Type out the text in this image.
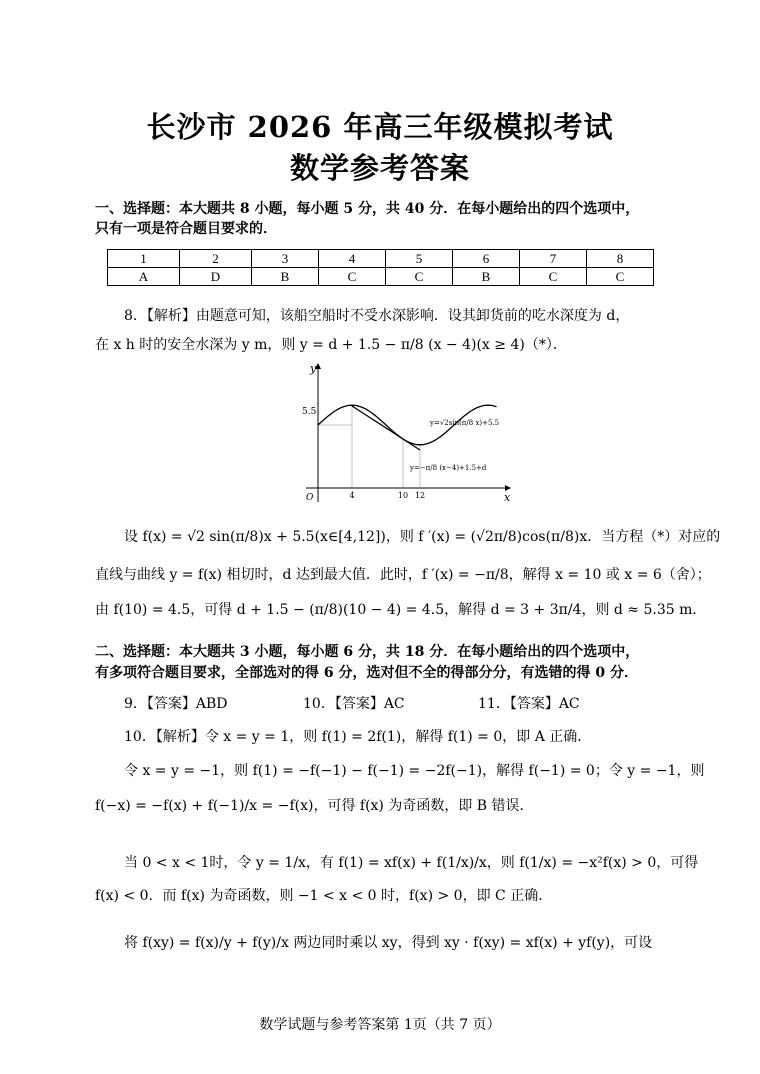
长沙市 2026 年高三年级模拟考试
数学参考答案
一、选择题：本大题共 8 小题，每小题 5 分，共 40 分．在每小题给出的四个选项中，
只有一项是符合题目要求的．
1	2	3	4	5	6	7	8
A	D	B	C	C	B	C	C
8．【解析】由题意可知，该船空船时不受水深影响．设其卸货前的吃水深度为 d，
在 x h 时的安全水深为 y m，则 y = d + 1.5 − π/8 (x − 4)(x ≥ 4)（*）．
y
x
O
5.5
4	10 12
y=√2sin(π/8 x)+5.5
y=−π/8 (x−4)+1.5+d
设 f(x) = √2 sin(π/8)x + 5.5(x∈[4,12])，则 f ′(x) = (√2π/8)cos(π/8)x．当方程（*）对应的
直线与曲线 y = f(x) 相切时，d 达到最大值．此时，f ′(x) = −π/8，解得 x = 10 或 x = 6（舍）；
由 f(10) = 4.5，可得 d + 1.5 − (π/8)(10 − 4) = 4.5，解得 d = 3 + 3π/4，则 d ≈ 5.35 m．
二、选择题：本大题共 3 小题，每小题 6 分，共 18 分．在每小题给出的四个选项中，
有多项符合题目要求，全部选对的得 6 分，选对但不全的得部分分，有选错的得 0 分．
9．【答案】ABD	10．【答案】AC	11．【答案】AC
10．【解析】令 x = y = 1，则 f(1) = 2f(1)，解得 f(1) = 0，即 A 正确．
令 x = y = −1，则 f(1) = −f(−1) − f(−1) = −2f(−1)，解得 f(−1) = 0；令 y = −1，则
f(−x) = −f(x) + f(−1)/x = −f(x)，可得 f(x) 为奇函数，即 B 错误．
当 0 < x < 1时，令 y = 1/x，有 f(1) = xf(x) + f(1/x)/x，则 f(1/x) = −x²f(x) > 0，可得
f(x) < 0．而 f(x) 为奇函数，则 −1 < x < 0 时，f(x) > 0，即 C 正确．
将 f(xy) = f(x)/y + f(y)/x 两边同时乘以 xy，得到 xy · f(xy) = xf(x) + yf(y)，可设
数学试题与参考答案第 1页（共 7 页）
